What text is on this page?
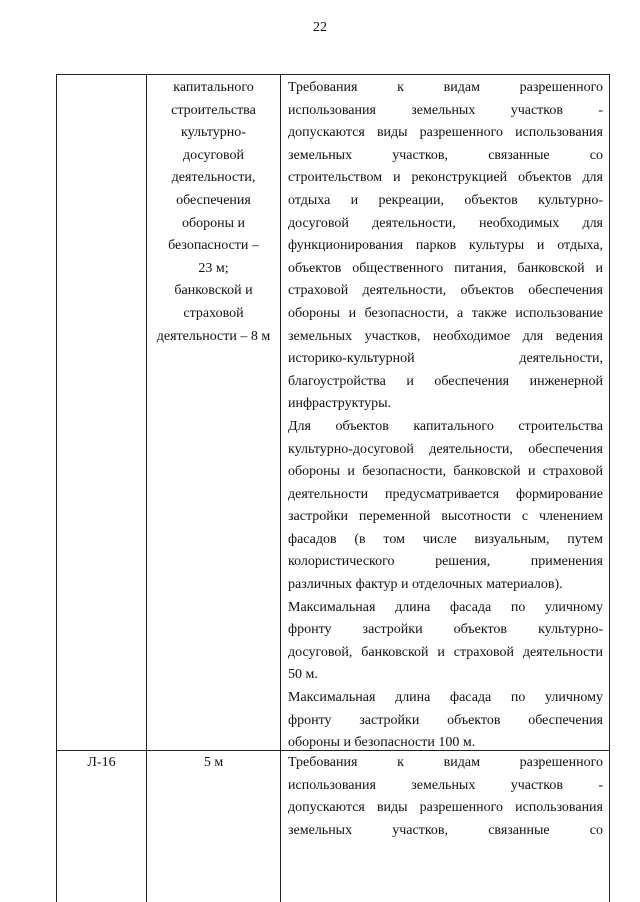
22
капитального
строительства
культурно-
досуговой
деятельности,
обеспечения
обороны и
безопасности –
23 м;
банковской и
страховой
деятельности – 8 м
Требования к видам разрешенного
использования земельных участков -
допускаются виды разрешенного использования
земельных участков, связанные со
строительством и реконструкцией объектов для
отдыха и рекреации, объектов культурно-
досуговой деятельности, необходимых для
функционирования парков культуры и отдыха,
объектов общественного питания, банковской и
страховой деятельности, объектов обеспечения
обороны и безопасности, а также использование
земельных участков, необходимое для ведения
историко-культурной деятельности,
благоустройства и обеспечения инженерной
инфраструктуры.
Для объектов капитального строительства
культурно-досуговой деятельности, обеспечения
обороны и безопасности, банковской и страховой
деятельности предусматривается формирование
застройки переменной высотности с членением
фасадов (в том числе визуальным, путем
колористического решения, применения
различных фактур и отделочных материалов).
Максимальная длина фасада по уличному
фронту застройки объектов культурно-
досуговой, банковской и страховой деятельности
50 м.
Максимальная длина фасада по уличному
фронту застройки объектов обеспечения
обороны и безопасности 100 м.
Л-16	5 м	Требования к видам разрешенного
использования земельных участков -
допускаются виды разрешенного использования
земельных участков, связанные со
